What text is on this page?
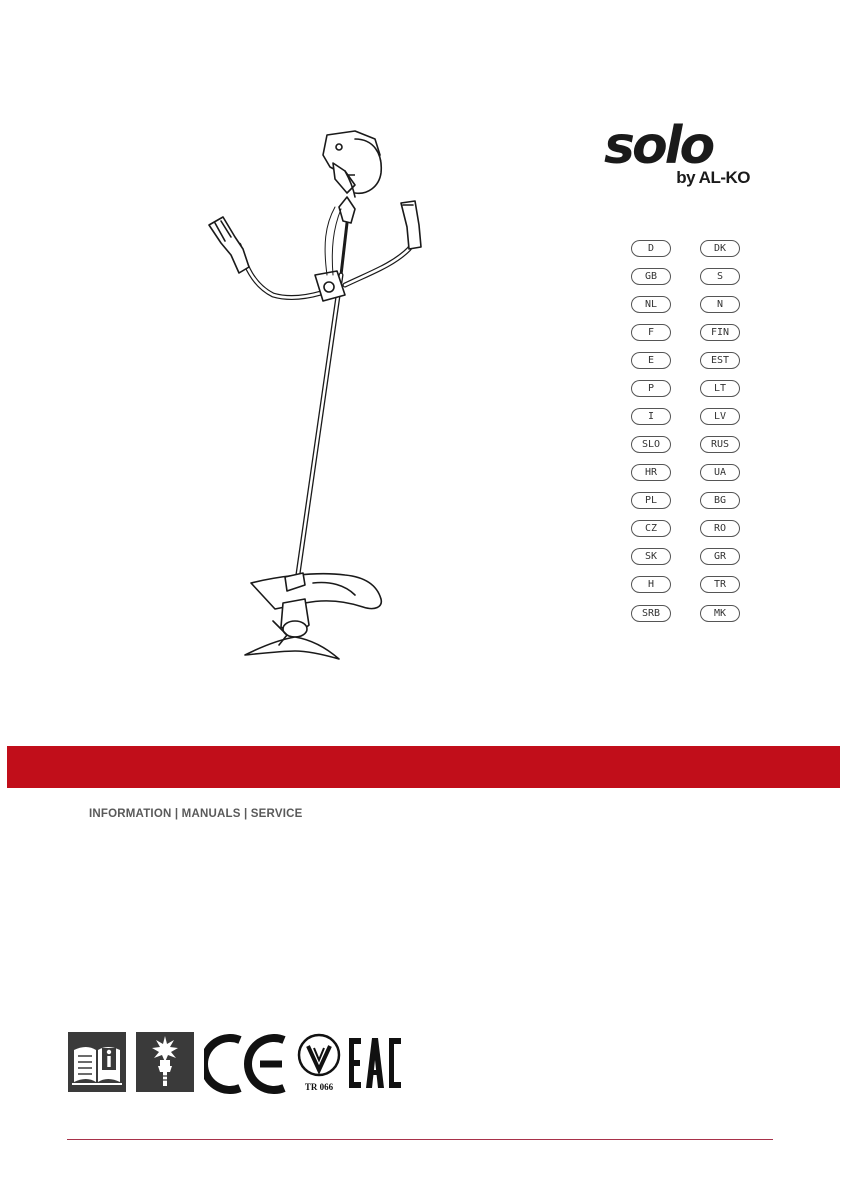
solo
by AL-KO
D
GB
NL
F
E
P
I
SLO
HR
PL
CZ
SK
H
SRB
DK
S
N
FIN
EST
LT
LV
RUS
UA
BG
RO
GR
TR
MK
INFORMATION | MANUALS | SERVICE
TR 066
